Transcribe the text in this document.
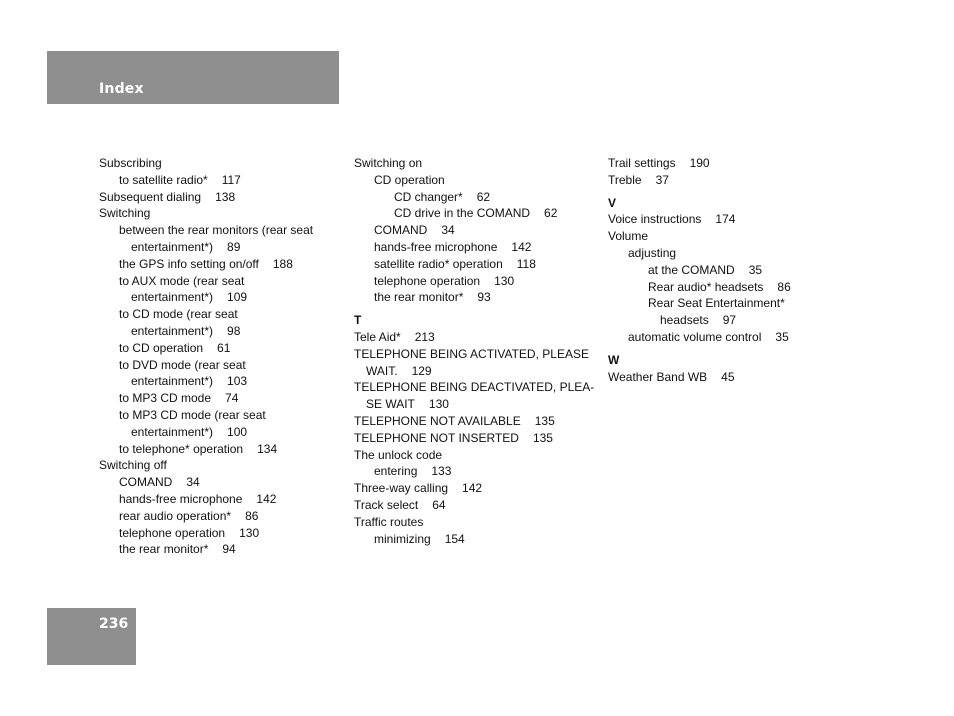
Index
Subscribing
to satellite radio* 117
Subsequent dialing 138
Switching
between the rear monitors (rear seat
entertainment*) 89
the GPS info setting on/off 188
to AUX mode (rear seat
entertainment*) 109
to CD mode (rear seat
entertainment*) 98
to CD operation 61
to DVD mode (rear seat
entertainment*) 103
to MP3 CD mode 74
to MP3 CD mode (rear seat
entertainment*) 100
to telephone* operation 134
Switching off
COMAND 34
hands-free microphone 142
rear audio operation* 86
telephone operation 130
the rear monitor* 94
Switching on
CD operation
CD changer* 62
CD drive in the COMAND 62
COMAND 34
hands-free microphone 142
satellite radio* operation 118
telephone operation 130
the rear monitor* 93
T
Tele Aid* 213
TELEPHONE BEING ACTIVATED, PLEASE
WAIT. 129
TELEPHONE BEING DEACTIVATED, PLEA-
SE WAIT 130
TELEPHONE NOT AVAILABLE 135
TELEPHONE NOT INSERTED 135
The unlock code
entering 133
Three-way calling 142
Track select 64
Traffic routes
minimizing 154
Trail settings 190
Treble 37
V
Voice instructions 174
Volume
adjusting
at the COMAND 35
Rear audio* headsets 86
Rear Seat Entertainment*
headsets 97
automatic volume control 35
W
Weather Band WB 45
236
